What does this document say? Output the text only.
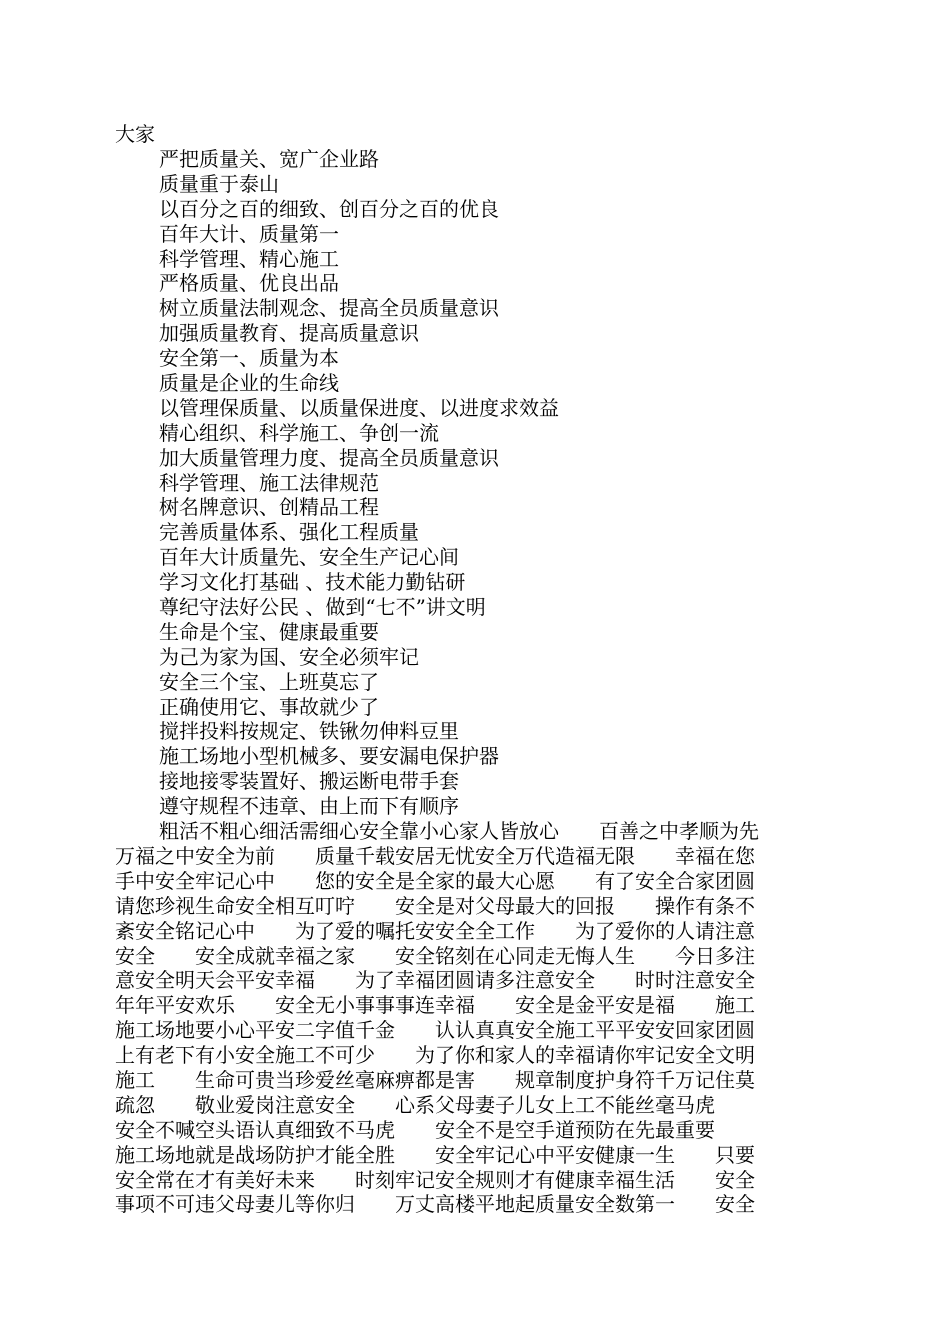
大家
严把质量关、宽广企业路
质量重于泰山
以百分之百的细致、创百分之百的优良
百年大计、质量第一
科学管理、精心施工
严格质量、优良出品
树立质量法制观念、提高全员质量意识
加强质量教育、提高质量意识
安全第一、质量为本
质量是企业的生命线
以管理保质量、以质量保进度、以进度求效益
精心组织、科学施工、争创一流
加大质量管理力度、提高全员质量意识
科学管理、施工法律规范
树名牌意识、创精品工程
完善质量体系、强化工程质量
百年大计质量先、安全生产记心间
学习文化打基础 、技术能力勤钻研
尊纪守法好公民 、做到“七不”讲文明
生命是个宝、健康最重要
为己为家为国、安全必须牢记
安全三个宝、上班莫忘了
正确使用它、事故就少了
搅拌投料按规定、铁锹勿伸料豆里
施工场地小型机械多、要安漏电保护器
接地接零装置好、搬运断电带手套
遵守规程不违章、由上而下有顺序
粗活不粗心细活需细心安全靠小心家人皆放心　　百善之中孝顺为先
万福之中安全为前　　质量千载安居无忧安全万代造福无限　　幸福在您
手中安全牢记心中　　您的安全是全家的最大心愿　　有了安全合家团圆
请您珍视生命安全相互叮咛　　安全是对父母最大的回报　　操作有条不
紊安全铭记心中　　为了爱的嘱托安安全全工作　　为了爱你的人请注意
安全　　安全成就幸福之家　　安全铭刻在心同走无悔人生　　今日多注
意安全明天会平安幸福　　为了幸福团圆请多注意安全　　时时注意安全
年年平安欢乐　　安全无小事事事连幸福　　安全是金平安是福　　施工
施工场地要小心平安二字值千金　　认认真真安全施工平平安安回家团圆
上有老下有小安全施工不可少　　为了你和家人的幸福请你牢记安全文明
施工　　生命可贵当珍爱丝毫麻痹都是害　　规章制度护身符千万记住莫
疏忽　　敬业爱岗注意安全　　心系父母妻子儿女上工不能丝毫马虎
安全不喊空头语认真细致不马虎　　安全不是空手道预防在先最重要
施工场地就是战场防护才能全胜　　安全牢记心中平安健康一生　　只要
安全常在才有美好未来　　时刻牢记安全规则才有健康幸福生活　　安全
事项不可违父母妻儿等你归　　万丈高楼平地起质量安全数第一　　安全
